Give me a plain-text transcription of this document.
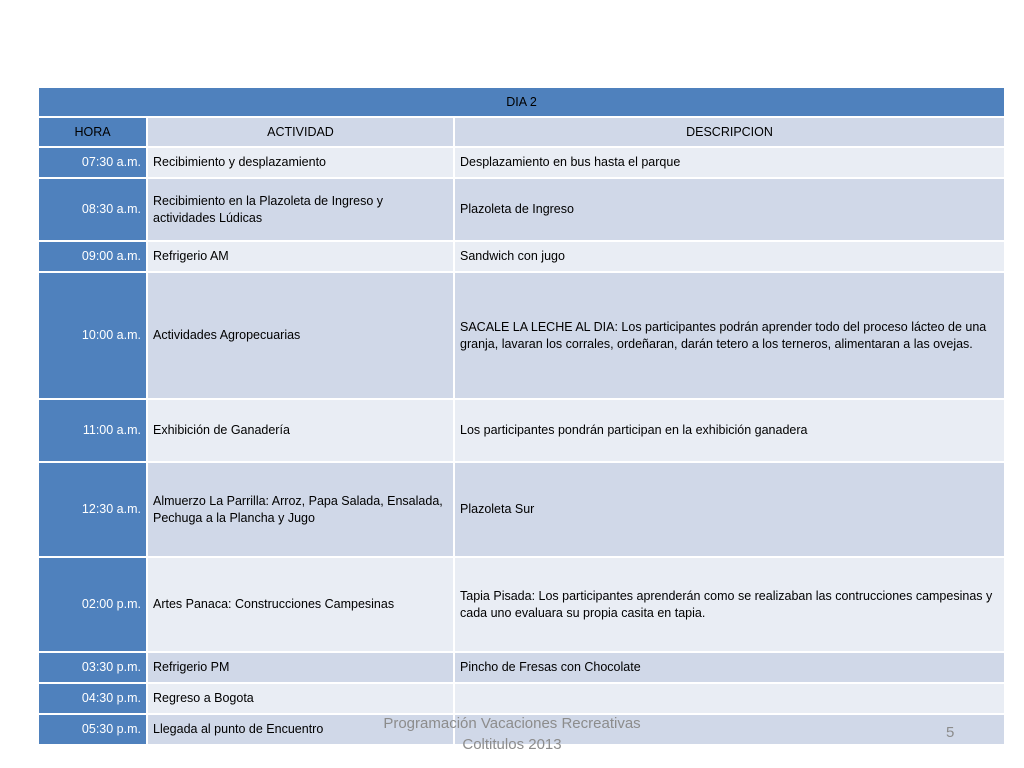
DIA 2		
HORA	ACTIVIDAD	DESCRIPCION
07:30 a.m.	Recibimiento y desplazamiento	Desplazamiento en bus hasta el parque
08:30 a.m.	Recibimiento en la Plazoleta de Ingreso y actividades Lúdicas	Plazoleta de Ingreso
09:00 a.m.	Refrigerio AM	Sandwich con jugo
10:00 a.m.	Actividades Agropecuarias	SACALE LA LECHE AL DIA: Los participantes podrán aprender todo del proceso lácteo de una granja, lavaran los corrales, ordeñaran, darán tetero a los terneros, alimentaran a las ovejas.
11:00 a.m.	Exhibición de Ganadería	Los participantes pondrán participan en la exhibición ganadera
12:30 a.m.	Almuerzo La Parrilla: Arroz, Papa Salada, Ensalada, Pechuga a la Plancha y Jugo	Plazoleta Sur
02:00 p.m.	Artes Panaca: Construcciones Campesinas	Tapia Pisada: Los participantes aprenderán como se realizaban las contrucciones campesinas y cada uno evaluara su propia casita en tapia.
03:30 p.m.	Refrigerio PM	Pincho de Fresas con Chocolate
04:30 p.m.	Regreso a Bogota	
05:30 p.m.	Llegada al punto de Encuentro		Programación Vacaciones Recreativas
Coltitulos 2013
5
